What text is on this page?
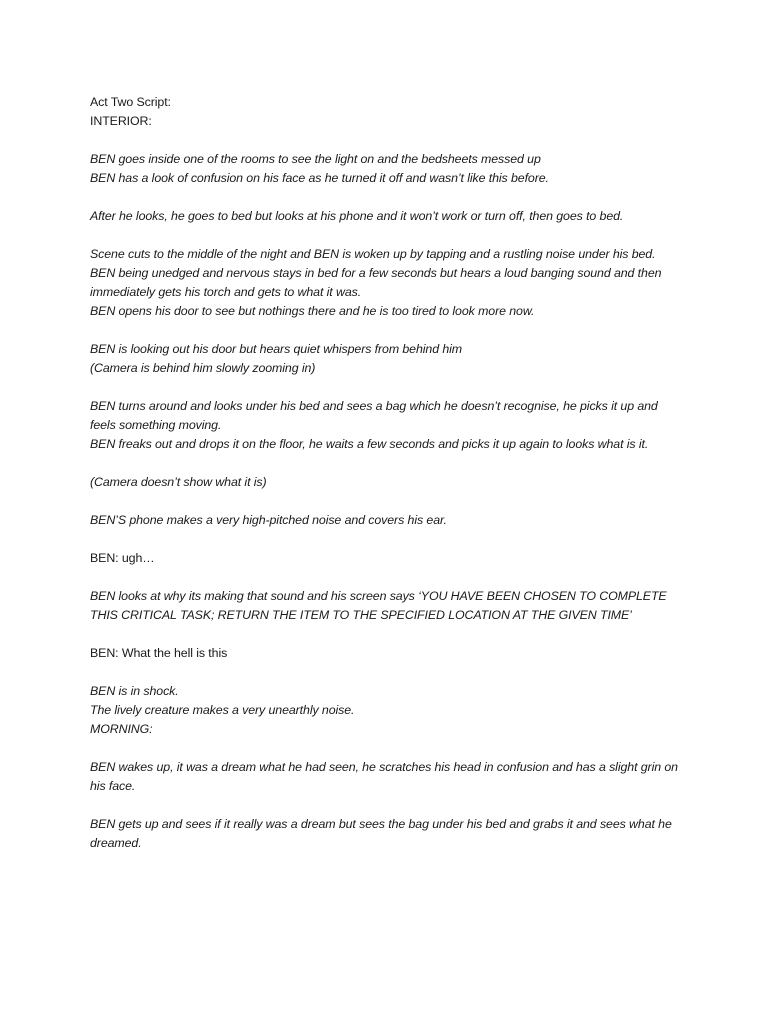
Act Two Script:
INTERIOR:
BEN goes inside one of the rooms to see the light on and the bedsheets messed up
BEN has a look of confusion on his face as he turned it off and wasn’t like this before.
After he looks, he goes to bed but looks at his phone and it won’t work or turn off, then goes to bed.
Scene cuts to the middle of the night and BEN is woken up by tapping and a rustling noise under his bed.
BEN being unedged and nervous stays in bed for a few seconds but hears a loud banging sound and then immediately gets his torch and gets to what it was.
BEN opens his door to see but nothings there and he is too tired to look more now.
BEN is looking out his door but hears quiet whispers from behind him
(Camera is behind him slowly zooming in)
BEN turns around and looks under his bed and sees a bag which he doesn’t recognise, he picks it up and feels something moving.
BEN freaks out and drops it on the floor, he waits a few seconds and picks it up again to looks what is it.
(Camera doesn’t show what it is)
BEN’S phone makes a very high-pitched noise and covers his ear.
BEN: ugh…
BEN looks at why its making that sound and his screen says ‘YOU HAVE BEEN CHOSEN TO COMPLETE THIS CRITICAL TASK; RETURN THE ITEM TO THE SPECIFIED LOCATION AT THE GIVEN TIME’
BEN: What the hell is this
BEN is in shock.
The lively creature makes a very unearthly noise.
MORNING:
BEN wakes up, it was a dream what he had seen, he scratches his head in confusion and has a slight grin on his face.
BEN gets up and sees if it really was a dream but sees the bag under his bed and grabs it and sees what he dreamed.
